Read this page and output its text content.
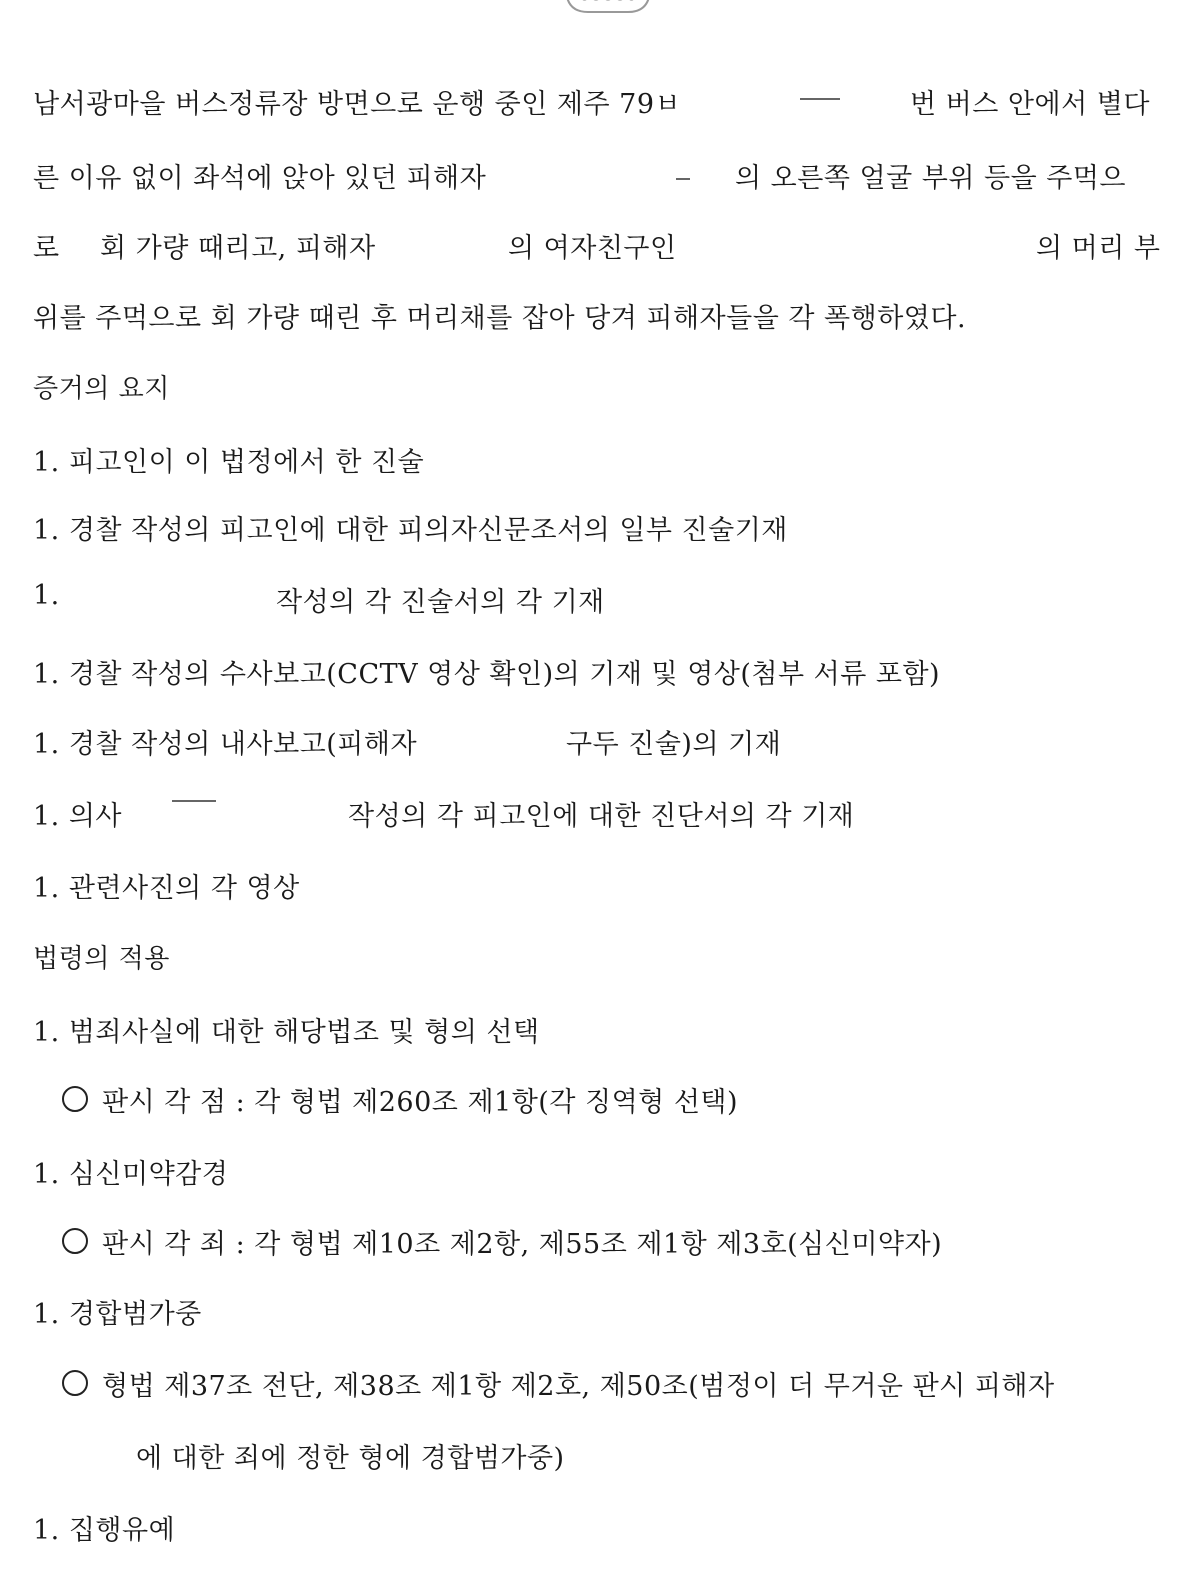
남서광마을 버스정류장 방면으로 운행 중인 제주 79ㅂ	번 버스 안에서 별다
른 이유 없이 좌석에 앉아 있던 피해자	의 오른쪽 얼굴 부위 등을 주먹으
로 회 가량 때리고, 피해자	의 여자친구인	의 머리 부
위를 주먹으로 회 가량 때린 후 머리채를 잡아 당겨 피해자들을 각 폭행하였다.
증거의 요지
1. 피고인이 이 법정에서 한 진술
1. 경찰 작성의 피고인에 대한 피의자신문조서의 일부 진술기재
1.	작성의 각 진술서의 각 기재
1. 경찰 작성의 수사보고(CCTV 영상 확인)의 기재 및 영상(첨부 서류 포함)
1. 경찰 작성의 내사보고(피해자	구두 진술)의 기재
1. 의사	작성의 각 피고인에 대한 진단서의 각 기재
1. 관련사진의 각 영상
법령의 적용
1. 범죄사실에 대한 해당법조 및 형의 선택
판시 각 점 : 각 형법 제260조 제1항(각 징역형 선택)
1. 심신미약감경
판시 각 죄 : 각 형법 제10조 제2항, 제55조 제1항 제3호(심신미약자)
1. 경합범가중
형법 제37조 전단, 제38조 제1항 제2호, 제50조(범정이 더 무거운 판시 피해자
에 대한 죄에 정한 형에 경합범가중)
1. 집행유예
